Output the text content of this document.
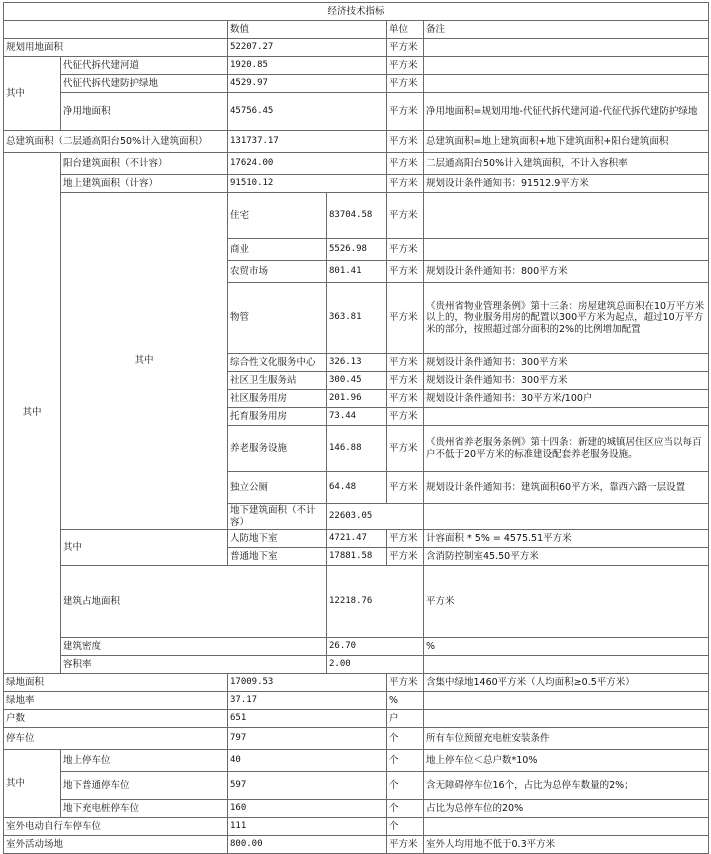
经济技术指标						
		数值		单位	备注	
规划用地面积		52207.27		平方米		
其中	代征代拆代建河道	1920.85		平方米		
	代征代拆代建防护绿地	4529.97		平方米		
	净用地面积	45756.45		平方米	净用地面积=规划用地-代征代拆代建河道-代征代拆代建防护绿地	
总建筑面积（二层通高阳台50%计入建筑面积）		131737.17		平方米	总建筑面积=地上建筑面积+地下建筑面积+阳台建筑面积	
其中	阳台建筑面积（不计容）	17624.00		平方米	二层通高阳台50%计入建筑面积，不计入容积率	
	地上建筑面积（计容）	91510.12		平方米	规划设计条件通知书：91512.9平方米	
	其中	住宅	83704.58	平方米		
		商业	5526.98	平方米		
		农贸市场	801.41	平方米	规划设计条件通知书：800平方米	
		物管	363.81	平方米	《贵州省物业管理条例》第十三条：房屋建筑总面积在10万平方米以上的，物业服务用房的配置以300平方米为起点，超过10万平方米的部分，按照超过部分面积的2%的比例增加配置	
		综合性文化服务中心	326.13	平方米	规划设计条件通知书：300平方米	
		社区卫生服务站	300.45	平方米	规划设计条件通知书：300平方米	
		社区服务用房	201.96	平方米	规划设计条件通知书：30平方米/100户	
		托育服务用房	73.44	平方米		
		养老服务设施	146.88	平方米	《贵州省养老服务条例》第十四条：新建的城镇居住区应当以每百户不低于20平方米的标准建设配套养老服务设施。	
		独立公厕	64.48	平方米	规划设计条件通知书：建筑面积60平方米，靠西六路一层设置	
		地下建筑面积（不计容）	22603.05			
	其中	人防地下室	4721.47	平方米	计容面积 * 5% = 4575.51平方米	
		普通地下室	17881.58	平方米	含消防控制室45.50平方米	
	建筑占地面积		12218.76		平方米	
	建筑密度		26.70		%	
	容积率		2.00			
绿地面积		17009.53		平方米	含集中绿地1460平方米（人均面积≥0.5平方米）	
绿地率		37.17		%		
户数		651		户		
停车位		797		个	所有车位预留充电桩安装条件	
其中	地上停车位	40		个	地上停车位＜总户数*10%	
	地下普通停车位	597		个	含无障碍停车位16个，占比为总停车数量的2%；	
	地下充电桩停车位	160		个	占比为总停车位的20%	
室外电动自行车停车位		111		个		
室外活动场地		800.00		平方米	室外人均用地不低于0.3平方米	
